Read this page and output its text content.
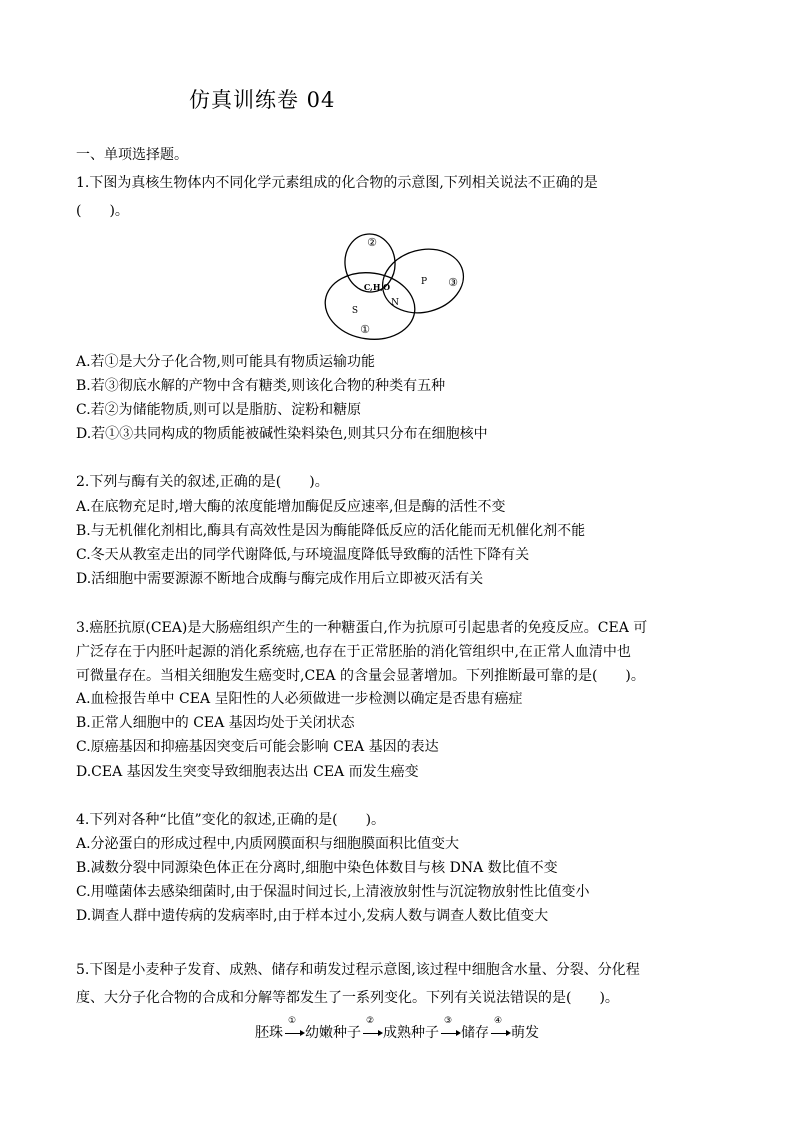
仿真训练卷 04
一、单项选择题。
1.下图为真核生物体内不同化学元素组成的化合物的示意图,下列相关说法不正确的是
(　　)。
②
C,H,O	P ③
N
S
①
A.若①是大分子化合物,则可能具有物质运输功能
B.若③彻底水解的产物中含有糖类,则该化合物的种类有五种
C.若②为储能物质,则可以是脂肪、淀粉和糖原
D.若①③共同构成的物质能被碱性染料染色,则其只分布在细胞核中
2.下列与酶有关的叙述,正确的是(　　)。
A.在底物充足时,增大酶的浓度能增加酶促反应速率,但是酶的活性不变
B.与无机催化剂相比,酶具有高效性是因为酶能降低反应的活化能而无机催化剂不能
C.冬天从教室走出的同学代谢降低,与环境温度降低导致酶的活性下降有关
D.活细胞中需要源源不断地合成酶与酶完成作用后立即被灭活有关
3.癌胚抗原(CEA)是大肠癌组织产生的一种糖蛋白,作为抗原可引起患者的免疫反应。CEA 可
广泛存在于内胚叶起源的消化系统癌,也存在于正常胚胎的消化管组织中,在正常人血清中也
可微量存在。当相关细胞发生癌变时,CEA 的含量会显著增加。下列推断最可靠的是(　　)。
A.血检报告单中 CEA 呈阳性的人必须做进一步检测以确定是否患有癌症
B.正常人细胞中的 CEA 基因均处于关闭状态
C.原癌基因和抑癌基因突变后可能会影响 CEA 基因的表达
D.CEA 基因发生突变导致细胞表达出 CEA 而发生癌变
4.下列对各种“比值”变化的叙述,正确的是(　　)。
A.分泌蛋白的形成过程中,内质网膜面积与细胞膜面积比值变大
B.减数分裂中同源染色体正在分离时,细胞中染色体数目与核 DNA 数比值不变
C.用噬菌体去感染细菌时,由于保温时间过长,上清液放射性与沉淀物放射性比值变小
D.调查人群中遗传病的发病率时,由于样本过小,发病人数与调查人数比值变大
5.下图是小麦种子发育、成熟、储存和萌发过程示意图,该过程中细胞含水量、分裂、分化程
度、大分子化合物的合成和分解等都发生了一系列变化。下列有关说法错误的是(　　)。
胚珠
①
幼嫩种子
②
成熟种子
③
储存
④
萌发
